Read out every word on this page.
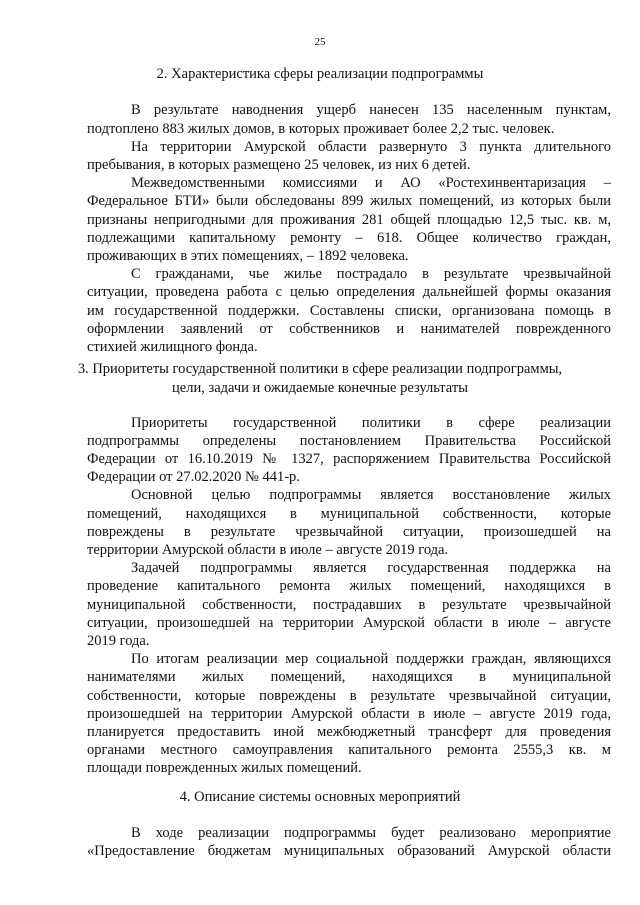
25
2. Характеристика сферы реализации подпрограммы
В результате наводнения ущерб нанесен 135 населенным пунктам,
подтоплено 883 жилых домов, в которых проживает более 2,2 тыс. человек.
На территории Амурской области развернуто 3 пункта длительного
пребывания, в которых размещено 25 человек, из них 6 детей.
Межведомственными комиссиями и АО «Ростехинвентаризация –
Федеральное БТИ» были обследованы 899 жилых помещений, из которых были
признаны непригодными для проживания 281 общей площадью 12,5 тыс. кв. м,
подлежащими капитальному ремонту – 618. Общее количество граждан,
проживающих в этих помещениях, – 1892 человека.
С гражданами, чье жилье пострадало в результате чрезвычайной
ситуации, проведена работа с целью определения дальнейшей формы оказания
им государственной поддержки. Составлены списки, организована помощь в
оформлении заявлений от собственников и нанимателей поврежденного
стихией жилищного фонда.
3. Приоритеты государственной политики в сфере реализации подпрограммы,
цели, задачи и ожидаемые конечные результаты
Приоритеты государственной политики в сфере реализации
подпрограммы определены постановлением Правительства Российской
Федерации от 16.10.2019 № 1327, распоряжением Правительства Российской
Федерации от 27.02.2020 № 441-р.
Основной целью подпрограммы является восстановление жилых
помещений, находящихся в муниципальной собственности, которые
повреждены в результате чрезвычайной ситуации, произошедшей на
территории Амурской области в июле – августе 2019 года.
Задачей подпрограммы является государственная поддержка на
проведение капитального ремонта жилых помещений, находящихся в
муниципальной собственности, пострадавших в результате чрезвычайной
ситуации, произошедшей на территории Амурской области в июле – августе
2019 года.
По итогам реализации мер социальной поддержки граждан, являющихся
нанимателями жилых помещений, находящихся в муниципальной
собственности, которые повреждены в результате чрезвычайной ситуации,
произошедшей на территории Амурской области в июле – августе 2019 года,
планируется предоставить иной межбюджетный трансферт для проведения
органами местного самоуправления капитального ремонта 2555,3 кв. м
площади поврежденных жилых помещений.
4. Описание системы основных мероприятий
В ходе реализации подпрограммы будет реализовано мероприятие
«Предоставление бюджетам муниципальных образований Амурской области
